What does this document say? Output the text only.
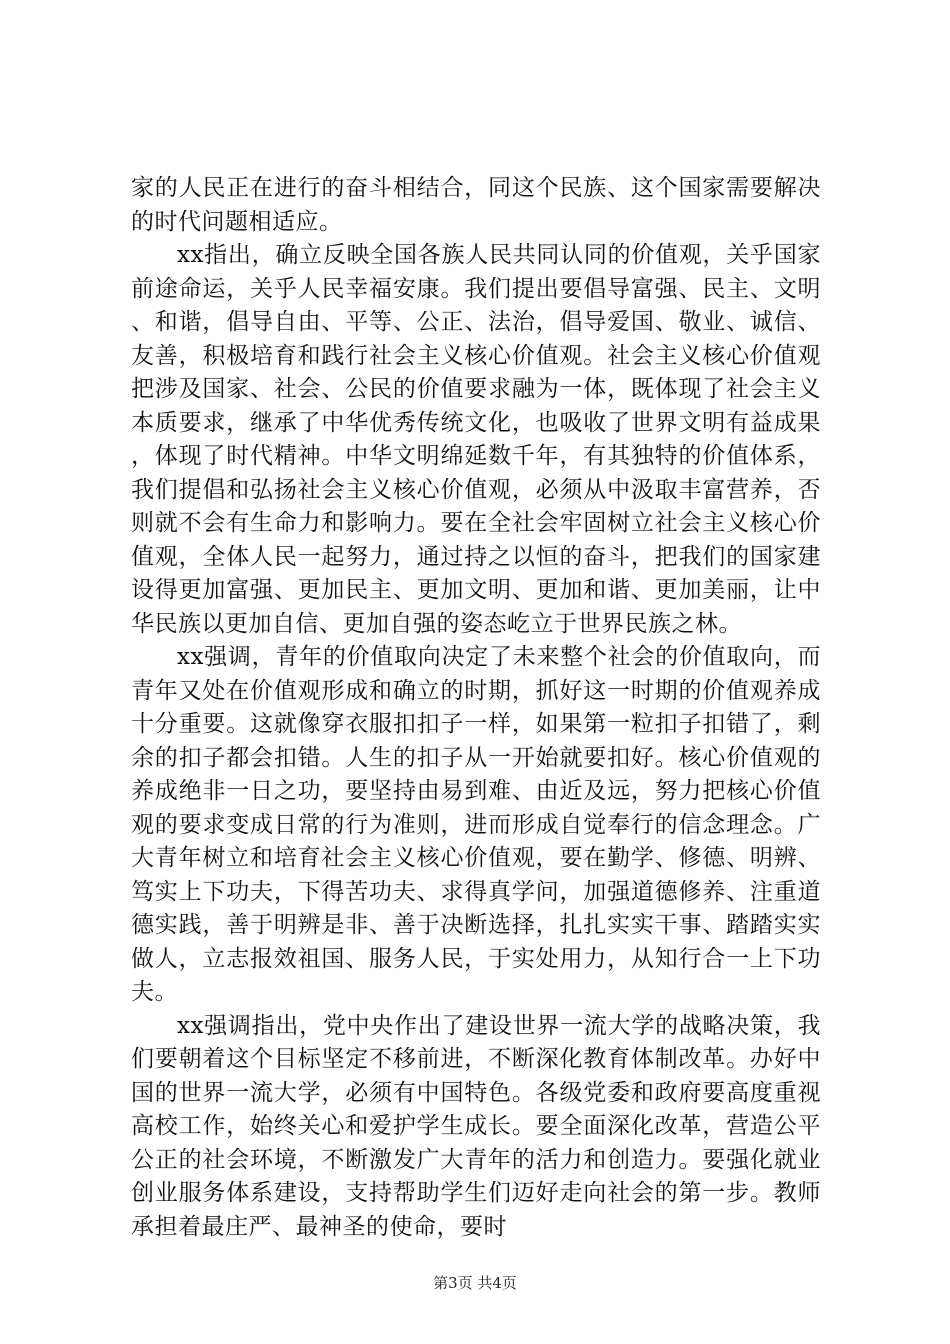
家的人民正在进行的奋斗相结合，同这个民族、这个国家需要解决的时代问题相适应。

xx指出，确立反映全国各族人民共同认同的价值观，关乎国家前途命运，关乎人民幸福安康。我们提出要倡导富强、民主、文明、和谐，倡导自由、平等、公正、法治，倡导爱国、敬业、诚信、友善，积极培育和践行社会主义核心价值观。社会主义核心价值观把涉及国家、社会、公民的价值要求融为一体，既体现了社会主义本质要求，继承了中华优秀传统文化，也吸收了世界文明有益成果，体现了时代精神。中华文明绵延数千年，有其独特的价值体系，我们提倡和弘扬社会主义核心价值观，必须从中汲取丰富营养，否则就不会有生命力和影响力。要在全社会牢固树立社会主义核心价值观，全体人民一起努力，通过持之以恒的奋斗，把我们的国家建设得更加富强、更加民主、更加文明、更加和谐、更加美丽，让中华民族以更加自信、更加自强的姿态屹立于世界民族之林。

xx强调，青年的价值取向决定了未来整个社会的价值取向，而青年又处在价值观形成和确立的时期，抓好这一时期的价值观养成十分重要。这就像穿衣服扣扣子一样，如果第一粒扣子扣错了，剩余的扣子都会扣错。人生的扣子从一开始就要扣好。核心价值观的养成绝非一日之功，要坚持由易到难、由近及远，努力把核心价值观的要求变成日常的行为准则，进而形成自觉奉行的信念理念。广大青年树立和培育社会主义核心价值观，要在勤学、修德、明辨、笃实上下功夫，下得苦功夫、求得真学问，加强道德修养、注重道德实践，善于明辨是非、善于决断选择，扎扎实实干事、踏踏实实做人，立志报效祖国、服务人民，于实处用力，从知行合一上下功夫。

xx强调指出，党中央作出了建设世界一流大学的战略决策，我们要朝着这个目标坚定不移前进，不断深化教育体制改革。办好中国的世界一流大学，必须有中国特色。各级党委和政府要高度重视高校工作，始终关心和爱护学生成长。要全面深化改革，营造公平公正的社会环境，不断激发广大青年的活力和创造力。要强化就业创业服务体系建设，支持帮助学生们迈好走向社会的第一步。教师承担着最庄严、最神圣的使命，要时

第3页 共4页
